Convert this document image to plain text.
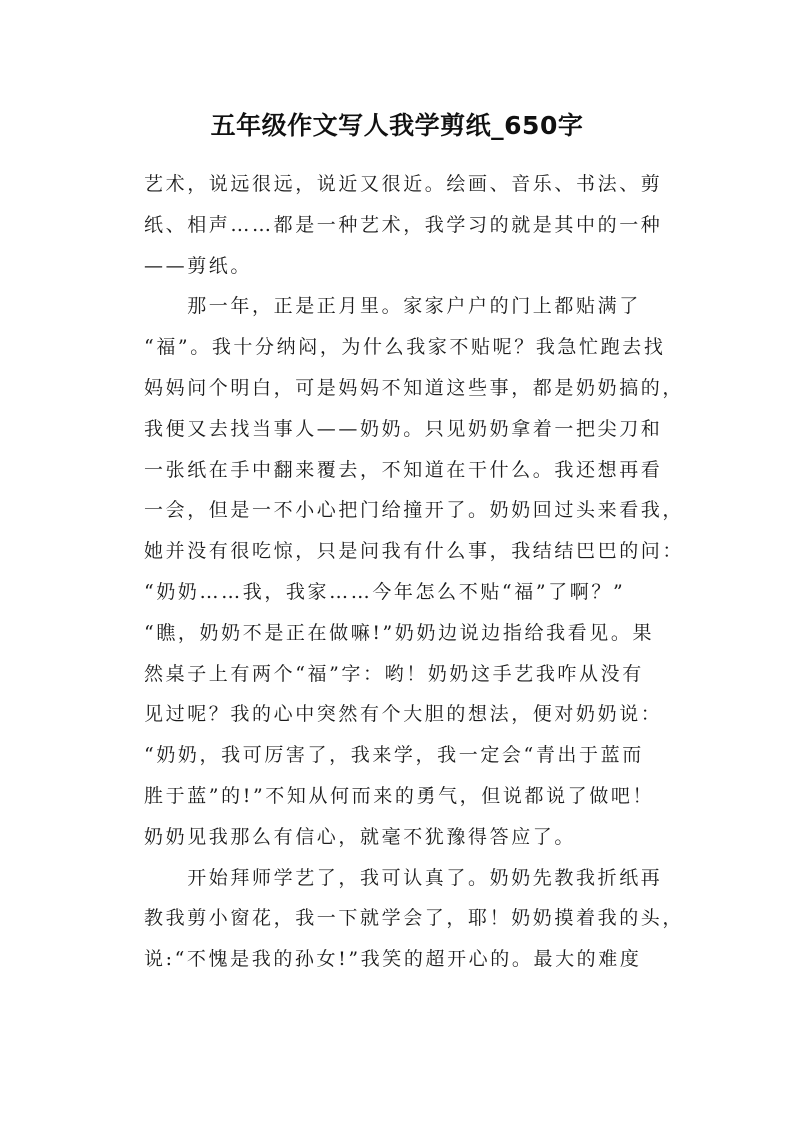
五年级作文写人我学剪纸_650字
艺术，说远很远，说近又很近。绘画、音乐、书法、剪
纸、相声……都是一种艺术，我学习的就是其中的一种
——剪纸。
　　那一年，正是正月里。家家户户的门上都贴满了
“福”。我十分纳闷，为什么我家不贴呢？我急忙跑去找
妈妈问个明白，可是妈妈不知道这些事，都是奶奶搞的，
我便又去找当事人——奶奶。只见奶奶拿着一把尖刀和
一张纸在手中翻来覆去，不知道在干什么。我还想再看
一会，但是一不小心把门给撞开了。奶奶回过头来看我，
她并没有很吃惊，只是问我有什么事，我结结巴巴的问：
“奶奶……我，我家……今年怎么不贴“福”了啊？”
“瞧，奶奶不是正在做嘛!”奶奶边说边指给我看见。果
然桌子上有两个“福”字：哟！奶奶这手艺我咋从没有
见过呢？我的心中突然有个大胆的想法，便对奶奶说：
“奶奶，我可厉害了，我来学，我一定会“青出于蓝而
胜于蓝”的!”不知从何而来的勇气，但说都说了做吧！
奶奶见我那么有信心，就毫不犹豫得答应了。
　　开始拜师学艺了，我可认真了。奶奶先教我折纸再
教我剪小窗花，我一下就学会了，耶！奶奶摸着我的头，
说:“不愧是我的孙女!”我笑的超开心的。最大的难度
